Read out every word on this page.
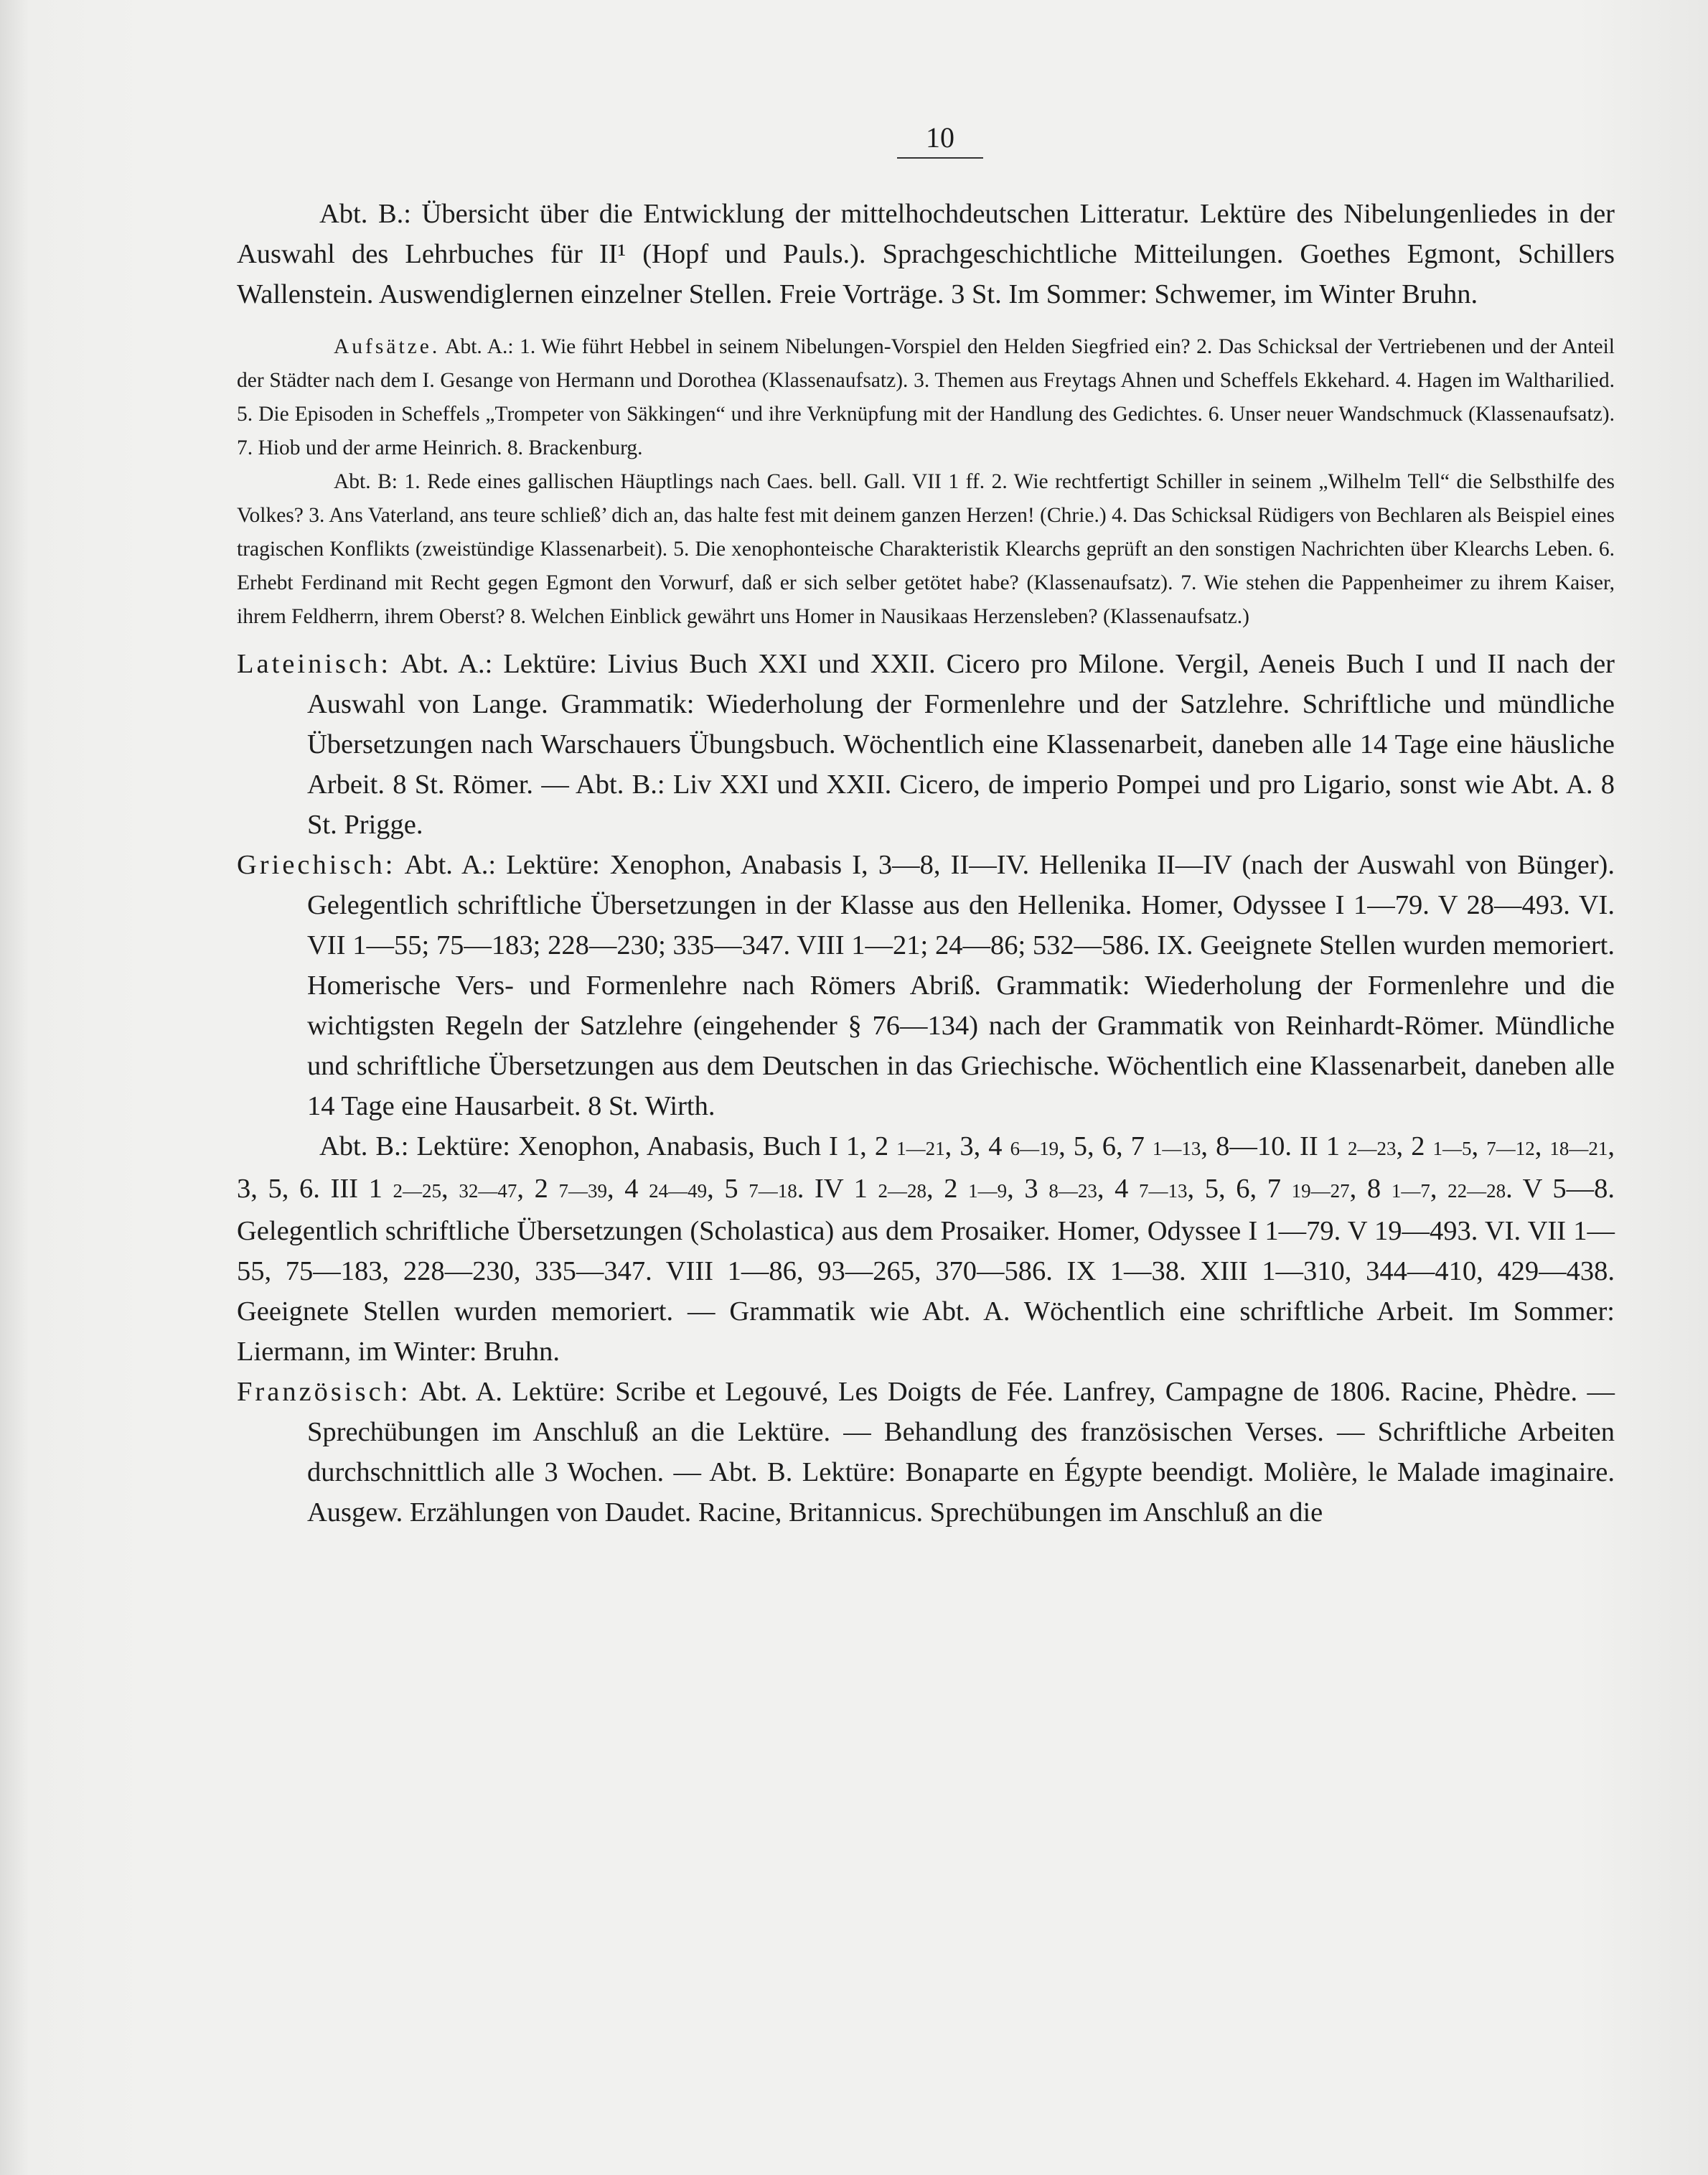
10

Abt. B.: Übersicht über die Entwicklung der mittelhochdeutschen Litteratur. Lektüre des Nibelungenliedes in der Auswahl des Lehrbuches für II¹ (Hopf und Pauls.). Sprachgeschichtliche Mitteilungen. Goethes Egmont, Schillers Wallenstein. Auswendiglernen einzelner Stellen. Freie Vorträge. 3 St. Im Sommer: Schwemer, im Winter Bruhn.

Aufsätze. Abt. A.: 1. Wie führt Hebbel in seinem Nibelungen-Vorspiel den Helden Siegfried ein? 2. Das Schicksal der Vertriebenen und der Anteil der Städter nach dem I. Gesange von Hermann und Dorothea (Klassenaufsatz). 3. Themen aus Freytags Ahnen und Scheffels Ekkehard. 4. Hagen im Waltharilied. 5. Die Episoden in Scheffels „Trompeter von Säkkingen“ und ihre Verknüpfung mit der Handlung des Gedichtes. 6. Unser neuer Wandschmuck (Klassenaufsatz). 7. Hiob und der arme Heinrich. 8. Brackenburg.

Abt. B: 1. Rede eines gallischen Häuptlings nach Caes. bell. Gall. VII 1 ff. 2. Wie rechtfertigt Schiller in seinem „Wilhelm Tell“ die Selbsthilfe des Volkes? 3. Ans Vaterland, ans teure schließ’ dich an, das halte fest mit deinem ganzen Herzen! (Chrie.) 4. Das Schicksal Rüdigers von Bechlaren als Beispiel eines tragischen Konflikts (zweistündige Klassenarbeit). 5. Die xenophonteische Charakteristik Klearchs geprüft an den sonstigen Nachrichten über Klearchs Leben. 6. Erhebt Ferdinand mit Recht gegen Egmont den Vorwurf, daß er sich selber getötet habe? (Klassenaufsatz). 7. Wie stehen die Pappenheimer zu ihrem Kaiser, ihrem Feldherrn, ihrem Oberst? 8. Welchen Einblick gewährt uns Homer in Nausikaas Herzensleben? (Klassenaufsatz.)

Lateinisch: Abt. A.: Lektüre: Livius Buch XXI und XXII. Cicero pro Milone. Vergil, Aeneis Buch I und II nach der Auswahl von Lange. Grammatik: Wiederholung der Formenlehre und der Satzlehre. Schriftliche und mündliche Übersetzungen nach Warschauers Übungsbuch. Wöchentlich eine Klassenarbeit, daneben alle 14 Tage eine häusliche Arbeit. 8 St. Römer. — Abt. B.: Liv XXI und XXII. Cicero, de imperio Pompei und pro Ligario, sonst wie Abt. A. 8 St. Prigge.

Griechisch: Abt. A.: Lektüre: Xenophon, Anabasis I, 3—8, II—IV. Hellenika II—IV (nach der Auswahl von Bünger). Gelegentlich schriftliche Übersetzungen in der Klasse aus den Hellenika. Homer, Odyssee I 1—79. V 28—493. VI. VII 1—55; 75—183; 228—230; 335—347. VIII 1—21; 24—86; 532—586. IX. Geeignete Stellen wurden memoriert. Homerische Vers- und Formenlehre nach Römers Abriß. Grammatik: Wiederholung der Formenlehre und die wichtigsten Regeln der Satzlehre (eingehender § 76—134) nach der Grammatik von Reinhardt-Römer. Mündliche und schriftliche Übersetzungen aus dem Deutschen in das Griechische. Wöchentlich eine Klassenarbeit, daneben alle 14 Tage eine Hausarbeit. 8 St. Wirth.

Abt. B.: Lektüre: Xenophon, Anabasis, Buch I 1, 2 1—21, 3, 4 6—19, 5, 6, 7 1—13, 8—10. II 1 2—23, 2 1—5, 7—12, 18—21, 3, 5, 6. III 1 2—25, 32—47, 2 7—39, 4 24—49, 5 7—18. IV 1 2—28, 2 1—9, 3 8—23, 4 7—13, 5, 6, 7 19—27, 8 1—7, 22—28. V 5—8. Gelegentlich schriftliche Übersetzungen (Scholastica) aus dem Prosaiker. Homer, Odyssee I 1—79. V 19—493. VI. VII 1—55, 75—183, 228—230, 335—347. VIII 1—86, 93—265, 370—586. IX 1—38. XIII 1—310, 344—410, 429—438. Geeignete Stellen wurden memoriert. — Grammatik wie Abt. A. Wöchentlich eine schriftliche Arbeit. Im Sommer: Liermann, im Winter: Bruhn.

Französisch: Abt. A. Lektüre: Scribe et Legouvé, Les Doigts de Fée. Lanfrey, Campagne de 1806. Racine, Phèdre. — Sprechübungen im Anschluß an die Lektüre. — Behandlung des französischen Verses. — Schriftliche Arbeiten durchschnittlich alle 3 Wochen. — Abt. B. Lektüre: Bonaparte en Égypte beendigt. Molière, le Malade imaginaire. Ausgew. Erzählungen von Daudet. Racine, Britannicus. Sprechübungen im Anschluß an die
